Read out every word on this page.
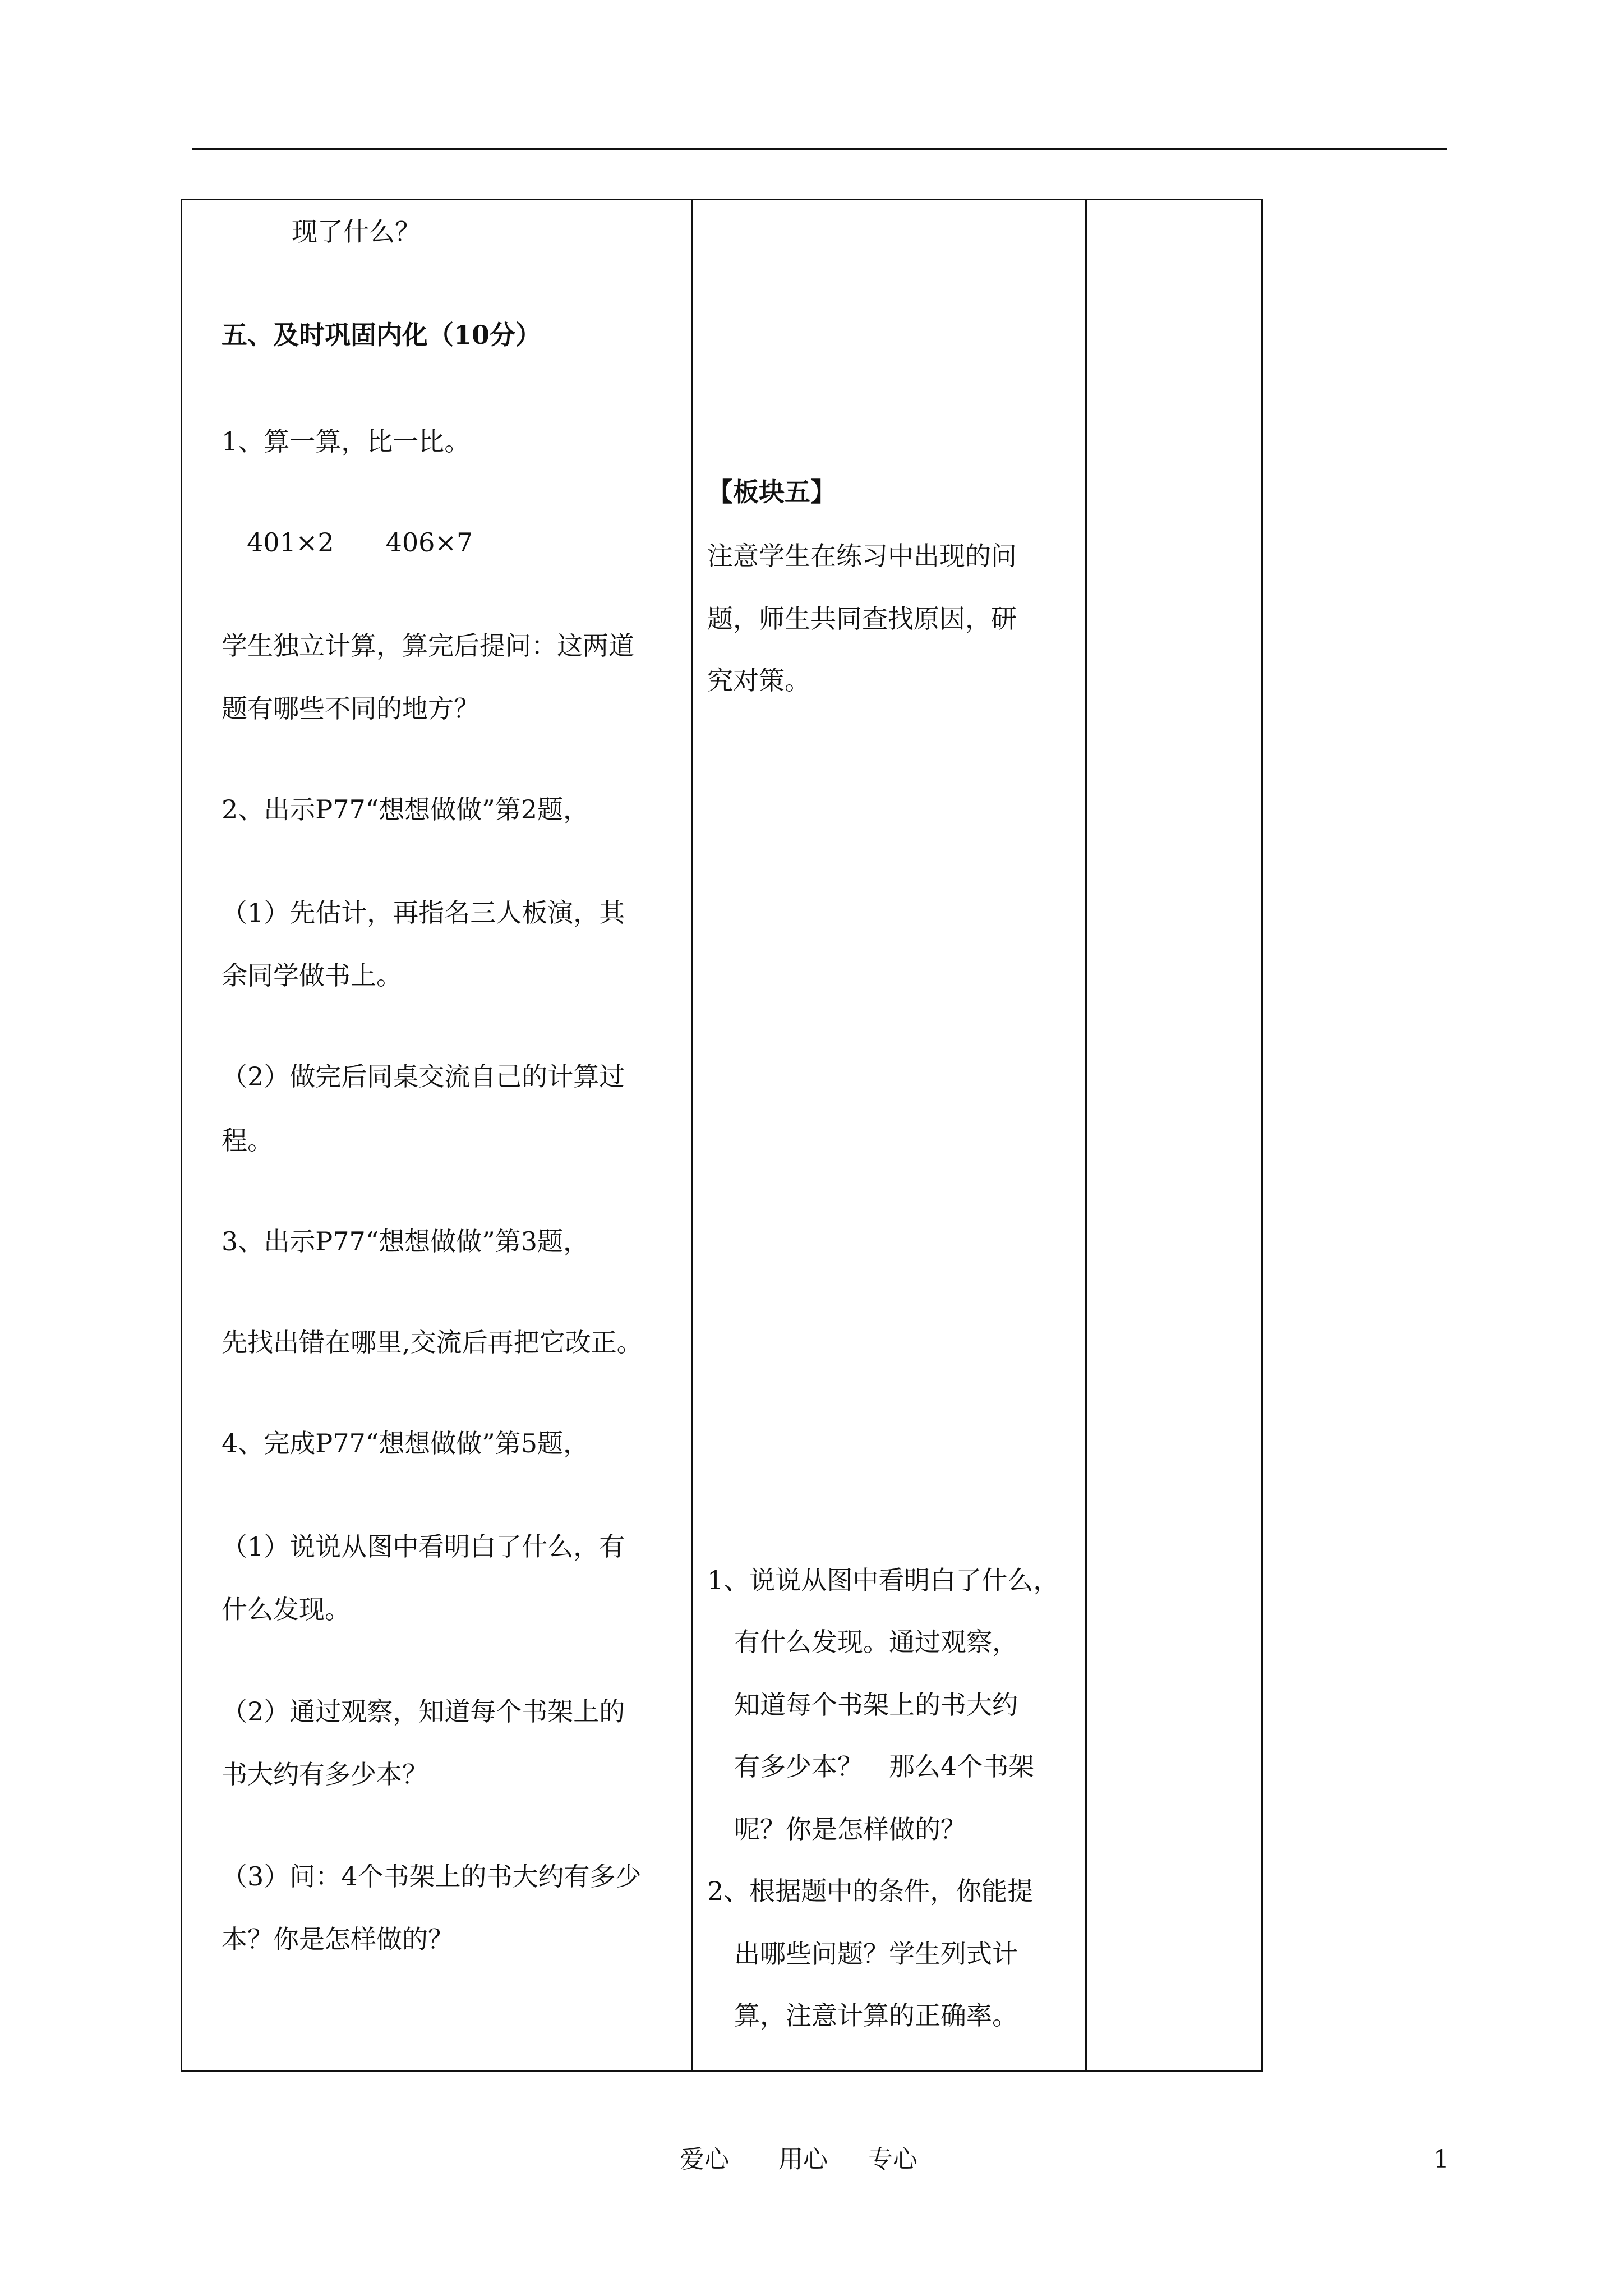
现了什么？
五、及时巩固内化（10分）
1、算一算，比一比。
401×2　　406×7
学生独立计算，算完后提问：这两道
题有哪些不同的地方？
2、出示P77“想想做做”第2题，
（1）先估计，再指名三人板演，其
余同学做书上。
（2）做完后同桌交流自己的计算过
程。
3、出示P77“想想做做”第3题，
先找出错在哪里,交流后再把它改正。
4、完成P77“想想做做”第5题，
（1）说说从图中看明白了什么，有
什么发现。
（2）通过观察，知道每个书架上的
书大约有多少本？
（3）问：4个书架上的书大约有多少
本？你是怎样做的？
【板块五】
注意学生在练习中出现的问
题，师生共同查找原因，研
究对策。
1、说说从图中看明白了什么，
有什么发现。通过观察，
知道每个书架上的书大约
有多少本？　那么4个书架
呢？你是怎样做的？
2、根据题中的条件，你能提
出哪些问题？学生列式计
算，注意计算的正确率。
爱心 用心 专心	1
